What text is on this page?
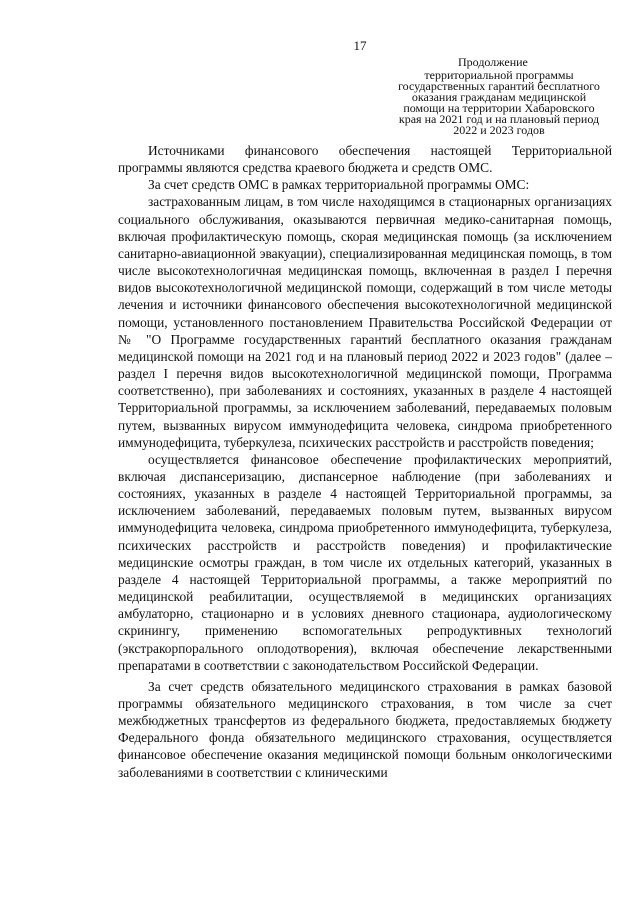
17
Продолжение
территориальной программы
государственных гарантий бесплатного
оказания гражданам медицинской
помощи на территории Хабаровского
края на 2021 год и на плановый период
2022 и 2023 годов

Источниками финансового обеспечения настоящей Территориальной программы являются средства краевого бюджета и средств ОМС.

За счет средств ОМС в рамках территориальной программы ОМС:

застрахованным лицам, в том числе находящимся в стационарных организациях социального обслуживания, оказываются первичная медико-санитарная помощь, включая профилактическую помощь, скорая медицинская помощь (за исключением санитарно-авиационной эвакуации), специализированная медицинская помощь, в том числе высокотехнологичная медицинская помощь, включенная в раздел I перечня видов высокотехнологичной медицинской помощи, содержащий в том числе методы лечения и источники финансового обеспечения высокотехнологичной медицинской помощи, установленного постановлением Правительства Российской Федерации от № "О Программе государственных гарантий бесплатного оказания гражданам медицинской помощи на 2021 год и на плановый период 2022 и 2023 годов" (далее – раздел I перечня видов высокотехнологичной медицинской помощи, Программа соответственно), при заболеваниях и состояниях, указанных в разделе 4 настоящей Территориальной программы, за исключением заболеваний, передаваемых половым путем, вызванных вирусом иммунодефицита человека, синдрома приобретенного иммунодефицита, туберкулеза, психических расстройств и расстройств поведения;

осуществляется финансовое обеспечение профилактических мероприятий, включая диспансеризацию, диспансерное наблюдение (при заболеваниях и состояниях, указанных в разделе 4 настоящей Территориальной программы, за исключением заболеваний, передаваемых половым путем, вызванных вирусом иммунодефицита человека, синдрома приобретенного иммунодефицита, туберкулеза, психических расстройств и расстройств поведения) и профилактические медицинские осмотры граждан, в том числе их отдельных категорий, указанных в разделе 4 настоящей Территориальной программы, а также мероприятий по медицинской реабилитации, осуществляемой в медицинских организациях амбулаторно, стационарно и в условиях дневного стационара, аудиологическому скринингу, применению вспомогательных репродуктивных технологий (экстракорпорального оплодотворения), включая обеспечение лекарственными препаратами в соответствии с законодательством Российской Федерации.

За счет средств обязательного медицинского страхования в рамках базовой программы обязательного медицинского страхования, в том числе за счет межбюджетных трансфертов из федерального бюджета, предоставляемых бюджету Федерального фонда обязательного медицинского страхования, осуществляется финансовое обеспечение оказания медицинской помощи больным онкологическими заболеваниями в соответствии с клиническими
